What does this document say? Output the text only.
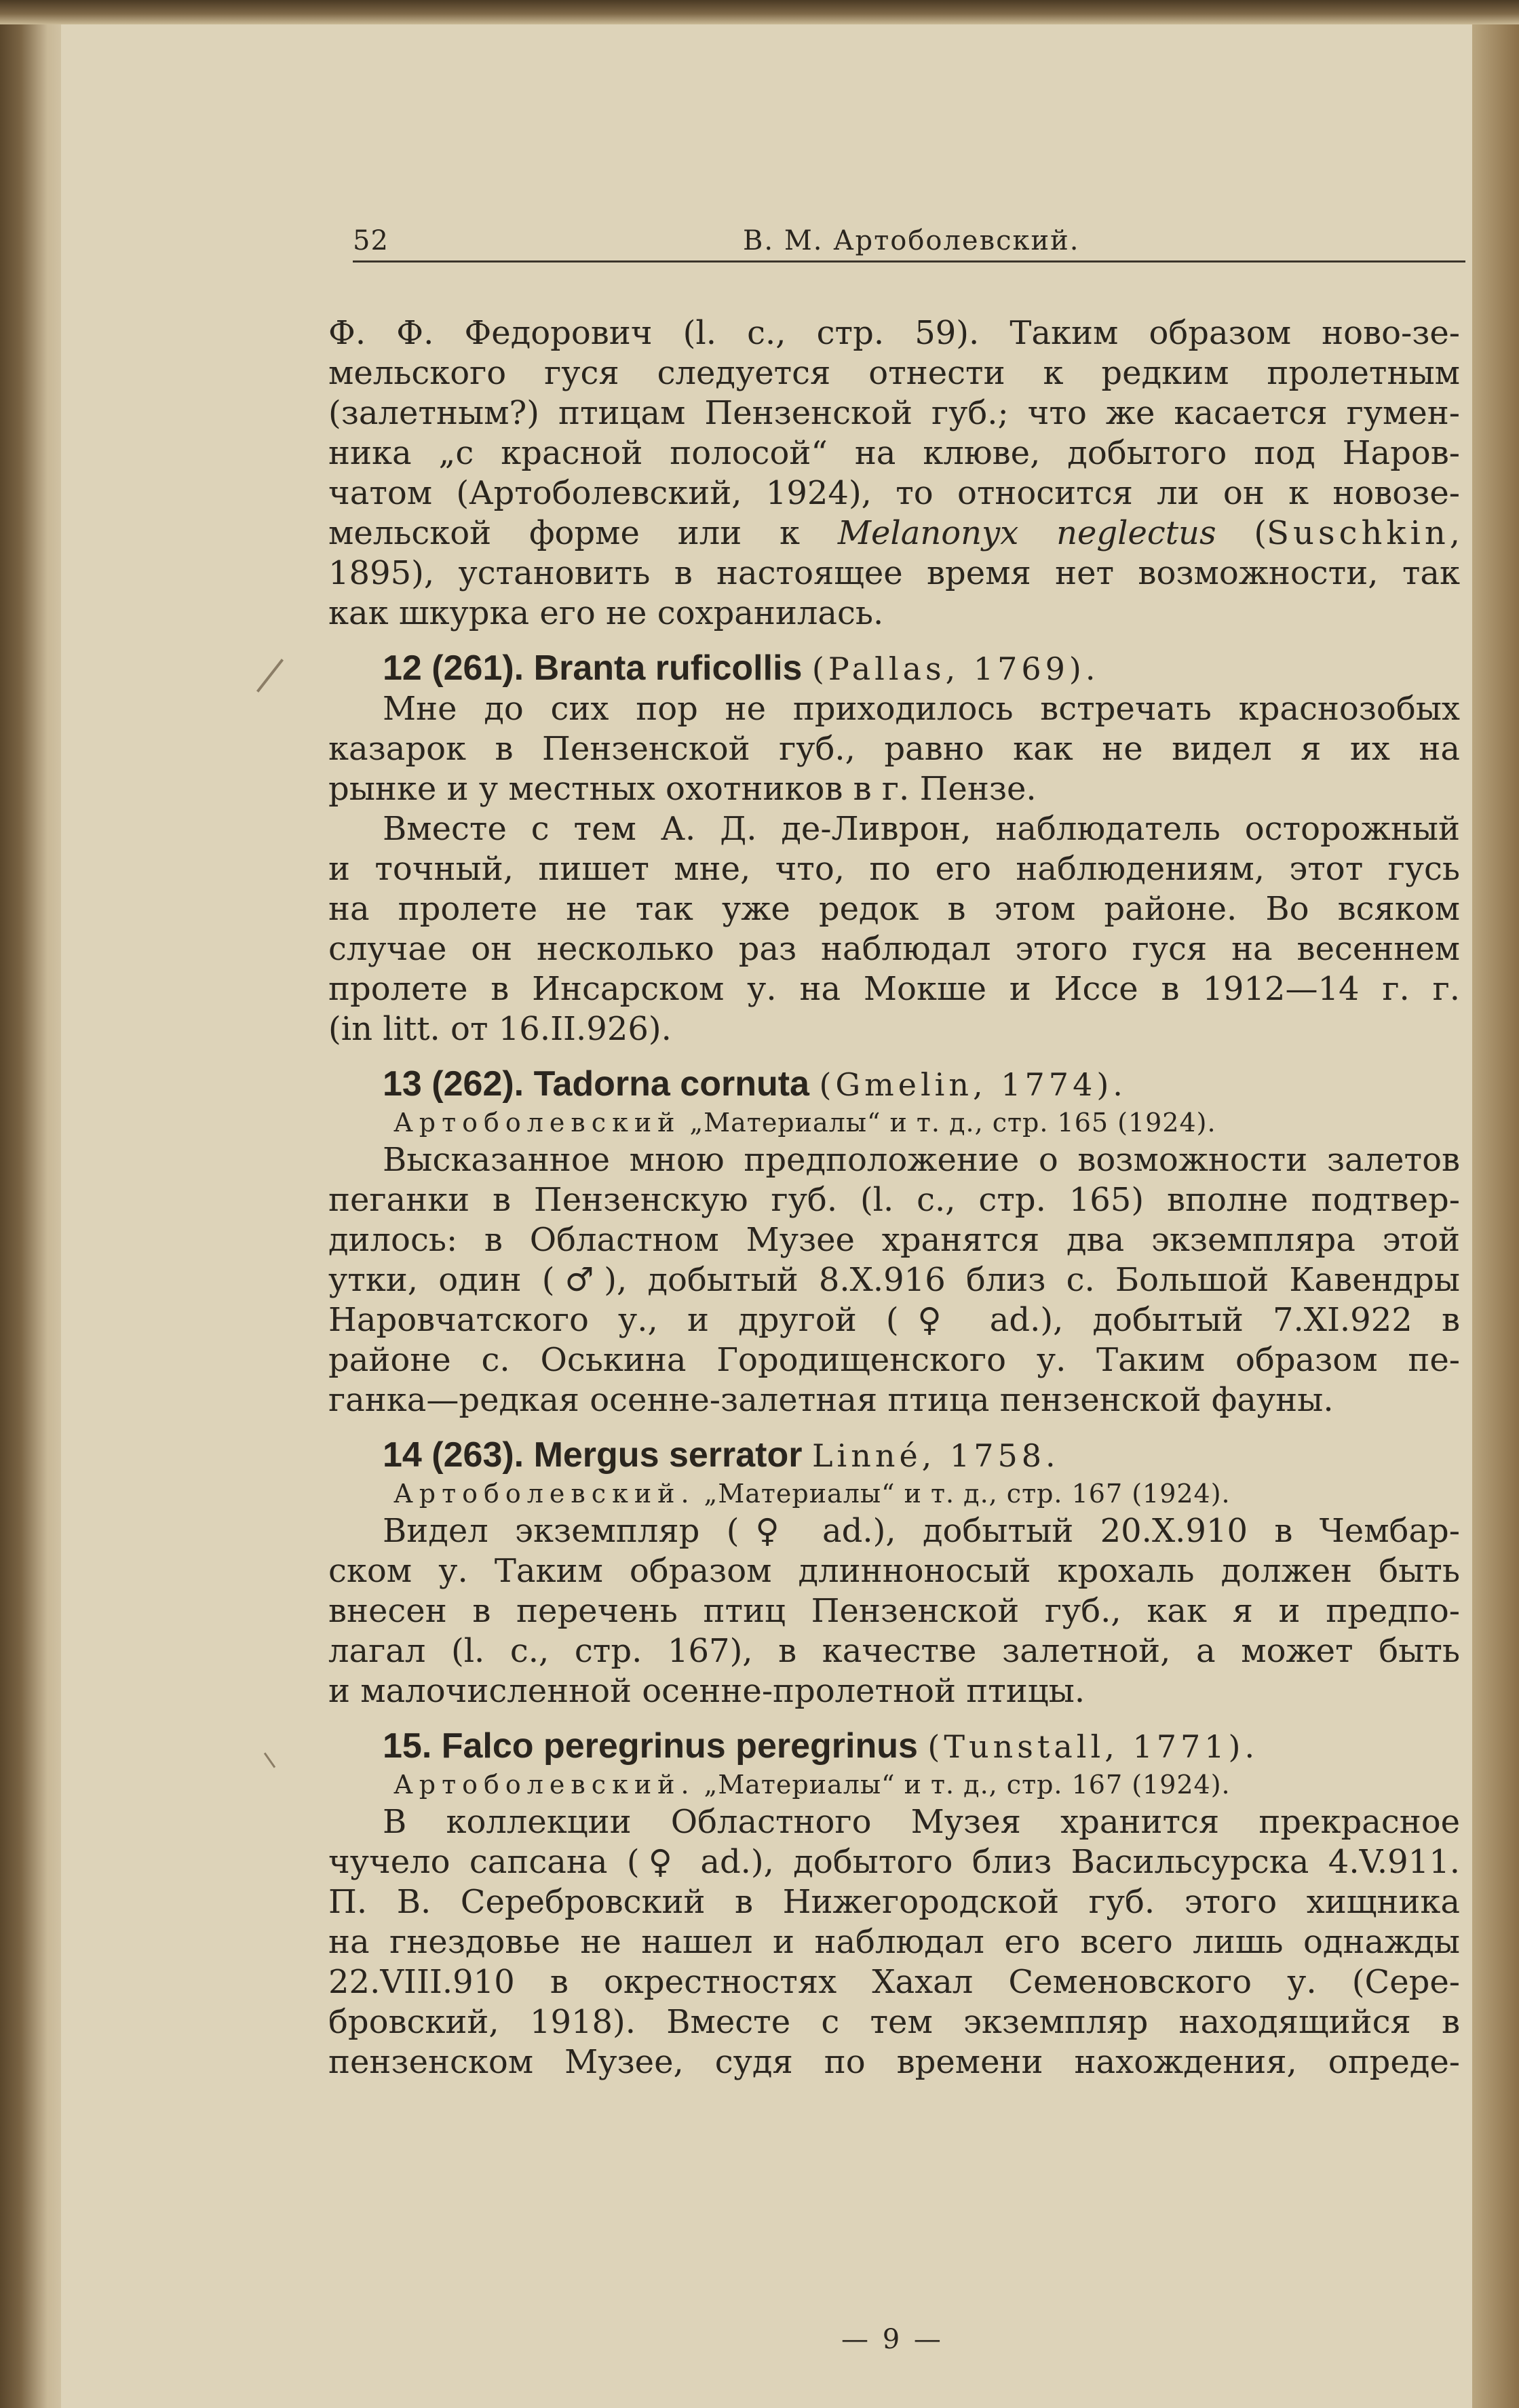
52	В. М. Артоболевский.
Ф. Ф. Федорович (l. с., стр. 59). Таким образом ново-зе-
мельского гуся следуется отнести к редким пролетным
(залетным?) птицам Пензенской губ.; что же касается гумен-
ника „с красной полосой“ на клюве, добытого под Наров-
чатом (Артоболевский, 1924), то относится ли он к новозе-
мельской форме или к Melanonyx neglectus (Suschkin,
1895), установить в настоящее время нет возможности, так
как шкурка его не сохранилась.
12 (261). Branta ruficollis (Pallas, 1769).
Мне до сих пор не приходилось встречать краснозобых
казарок в Пензенской губ., равно как не видел я их на
рынке и у местных охотников в г. Пензе.
Вместе с тем А. Д. де-Ливрон, наблюдатель осторожный
и точный, пишет мне, что, по его наблюдениям, этот гусь
на пролете не так уже редок в этом районе. Во всяком
случае он несколько раз наблюдал этого гуся на весеннем
пролете в Инсарском у. на Мокше и Иссе в 1912—14 г. г.
(in litt. от 16.II.926).
13 (262). Tadorna cornuta (Gmelin, 1774).
Артоболевский „Материалы“ и т. д., стр. 165 (1924).
Высказанное мною предположение о возможности залетов
пеганки в Пензенскую губ. (l. с., стр. 165) вполне подтвер-
дилось: в Областном Музее хранятся два экземпляра этой
утки, один (♂), добытый 8.X.916 близ с. Большой Кавендры
Наровчатского у., и другой (♀ ad.), добытый 7.XI.922 в
районе с. Оськина Городищенского у. Таким образом пе-
ганка—редкая осенне-залетная птица пензенской фауны.
14 (263). Mergus serrator Linné, 1758.
Артоболевский. „Материалы“ и т. д., стр. 167 (1924).
Видел экземпляр (♀ ad.), добытый 20.X.910 в Чембар-
ском у. Таким образом длинноносый крохаль должен быть
внесен в перечень птиц Пензенской губ., как я и предпо-
лагал (l. с., стр. 167), в качестве залетной, а может быть
и малочисленной осенне-пролетной птицы.
15. Falco peregrinus peregrinus (Tunstall, 1771).
Артоболевский. „Материалы“ и т. д., стр. 167 (1924).
В коллекции Областного Музея хранится прекрасное
чучело сапсана (♀ ad.), добытого близ Васильсурска 4.V.911.
П. В. Серебровский в Нижегородской губ. этого хищника
на гнездовье не нашел и наблюдал его всего лишь однажды
22.VIII.910 в окрестностях Хахал Семеновского у. (Сере-
бровский, 1918). Вместе с тем экземпляр находящийся в
пензенском Музее, судя по времени нахождения, опреде-
— 9 —
